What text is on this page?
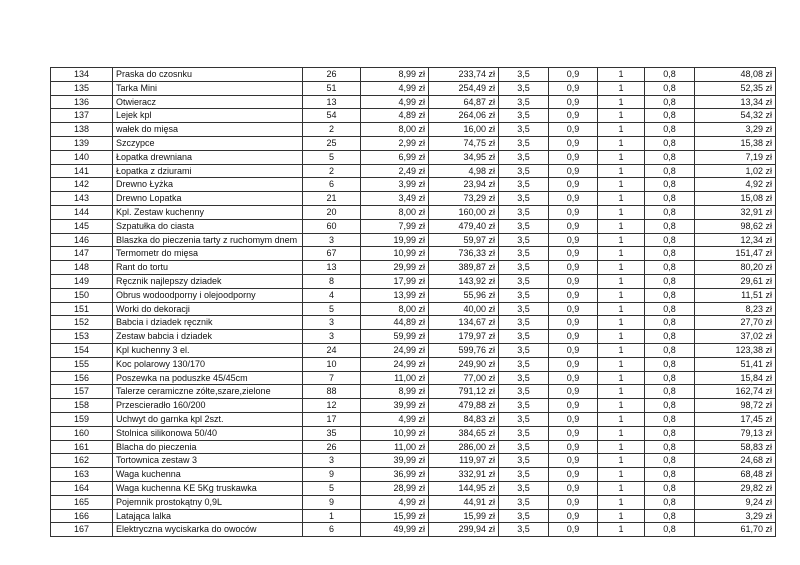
134	Praska do czosnku	26	8,99 zł	233,74 zł	3,5	0,9	1	0,8	48,08 zł
135	Tarka Mini	51	4,99 zł	254,49 zł	3,5	0,9	1	0,8	52,35 zł
136	Otwieracz	13	4,99 zł	64,87 zł	3,5	0,9	1	0,8	13,34 zł
137	Lejek kpl	54	4,89 zł	264,06 zł	3,5	0,9	1	0,8	54,32 zł
138	wałek do mięsa	2	8,00 zł	16,00 zł	3,5	0,9	1	0,8	3,29 zł
139	Szczypce	25	2,99 zł	74,75 zł	3,5	0,9	1	0,8	15,38 zł
140	Łopatka drewniana	5	6,99 zł	34,95 zł	3,5	0,9	1	0,8	7,19 zł
141	Łopatka z dziurami	2	2,49 zł	4,98 zł	3,5	0,9	1	0,8	1,02 zł
142	Drewno Łyżka	6	3,99 zł	23,94 zł	3,5	0,9	1	0,8	4,92 zł
143	Drewno Lopatka	21	3,49 zł	73,29 zł	3,5	0,9	1	0,8	15,08 zł
144	Kpl. Zestaw kuchenny	20	8,00 zł	160,00 zł	3,5	0,9	1	0,8	32,91 zł
145	Szpatułka do ciasta	60	7,99 zł	479,40 zł	3,5	0,9	1	0,8	98,62 zł
146	Blaszka do pieczenia tarty z ruchomym dnem	3	19,99 zł	59,97 zł	3,5	0,9	1	0,8	12,34 zł
147	Termometr do mięsa	67	10,99 zł	736,33 zł	3,5	0,9	1	0,8	151,47 zł
148	Rant do tortu	13	29,99 zł	389,87 zł	3,5	0,9	1	0,8	80,20 zł
149	Ręcznik najlepszy dziadek	8	17,99 zł	143,92 zł	3,5	0,9	1	0,8	29,61 zł
150	Obrus wodoodporny i olejoodporny	4	13,99 zł	55,96 zł	3,5	0,9	1	0,8	11,51 zł
151	Worki do dekoracji	5	8,00 zł	40,00 zł	3,5	0,9	1	0,8	8,23 zł
152	Babcia i dziadek ręcznik	3	44,89 zł	134,67 zł	3,5	0,9	1	0,8	27,70 zł
153	Zestaw babcia i dziadek	3	59,99 zł	179,97 zł	3,5	0,9	1	0,8	37,02 zł
154	Kpl kuchenny 3 el.	24	24,99 zł	599,76 zł	3,5	0,9	1	0,8	123,38 zł
155	Koc polarowy 130/170	10	24,99 zł	249,90 zł	3,5	0,9	1	0,8	51,41 zł
156	Poszewka na poduszke 45/45cm	7	11,00 zł	77,00 zł	3,5	0,9	1	0,8	15,84 zł
157	Talerze ceramiczne zółte,szare,zielone	88	8,99 zł	791,12 zł	3,5	0,9	1	0,8	162,74 zł
158	Przescieradło 160/200	12	39,99 zł	479,88 zł	3,5	0,9	1	0,8	98,72 zł
159	Uchwyt do garnka kpl 2szt.	17	4,99 zł	84,83 zł	3,5	0,9	1	0,8	17,45 zł
160	Stolnica silikonowa 50/40	35	10,99 zł	384,65 zł	3,5	0,9	1	0,8	79,13 zł
161	Blacha do pieczenia	26	11,00 zł	286,00 zł	3,5	0,9	1	0,8	58,83 zł
162	Tortownica zestaw 3	3	39,99 zł	119,97 zł	3,5	0,9	1	0,8	24,68 zł
163	Waga kuchenna	9	36,99 zł	332,91 zł	3,5	0,9	1	0,8	68,48 zł
164	Waga kuchenna KE 5Kg truskawka	5	28,99 zł	144,95 zł	3,5	0,9	1	0,8	29,82 zł
165	Pojemnik prostokątny 0,9L	9	4,99 zł	44,91 zł	3,5	0,9	1	0,8	9,24 zł
166	Latająca lalka	1	15,99 zł	15,99 zł	3,5	0,9	1	0,8	3,29 zł
167	Elektryczna wyciskarka do owoców	6	49,99 zł	299,94 zł	3,5	0,9	1	0,8	61,70 zł
